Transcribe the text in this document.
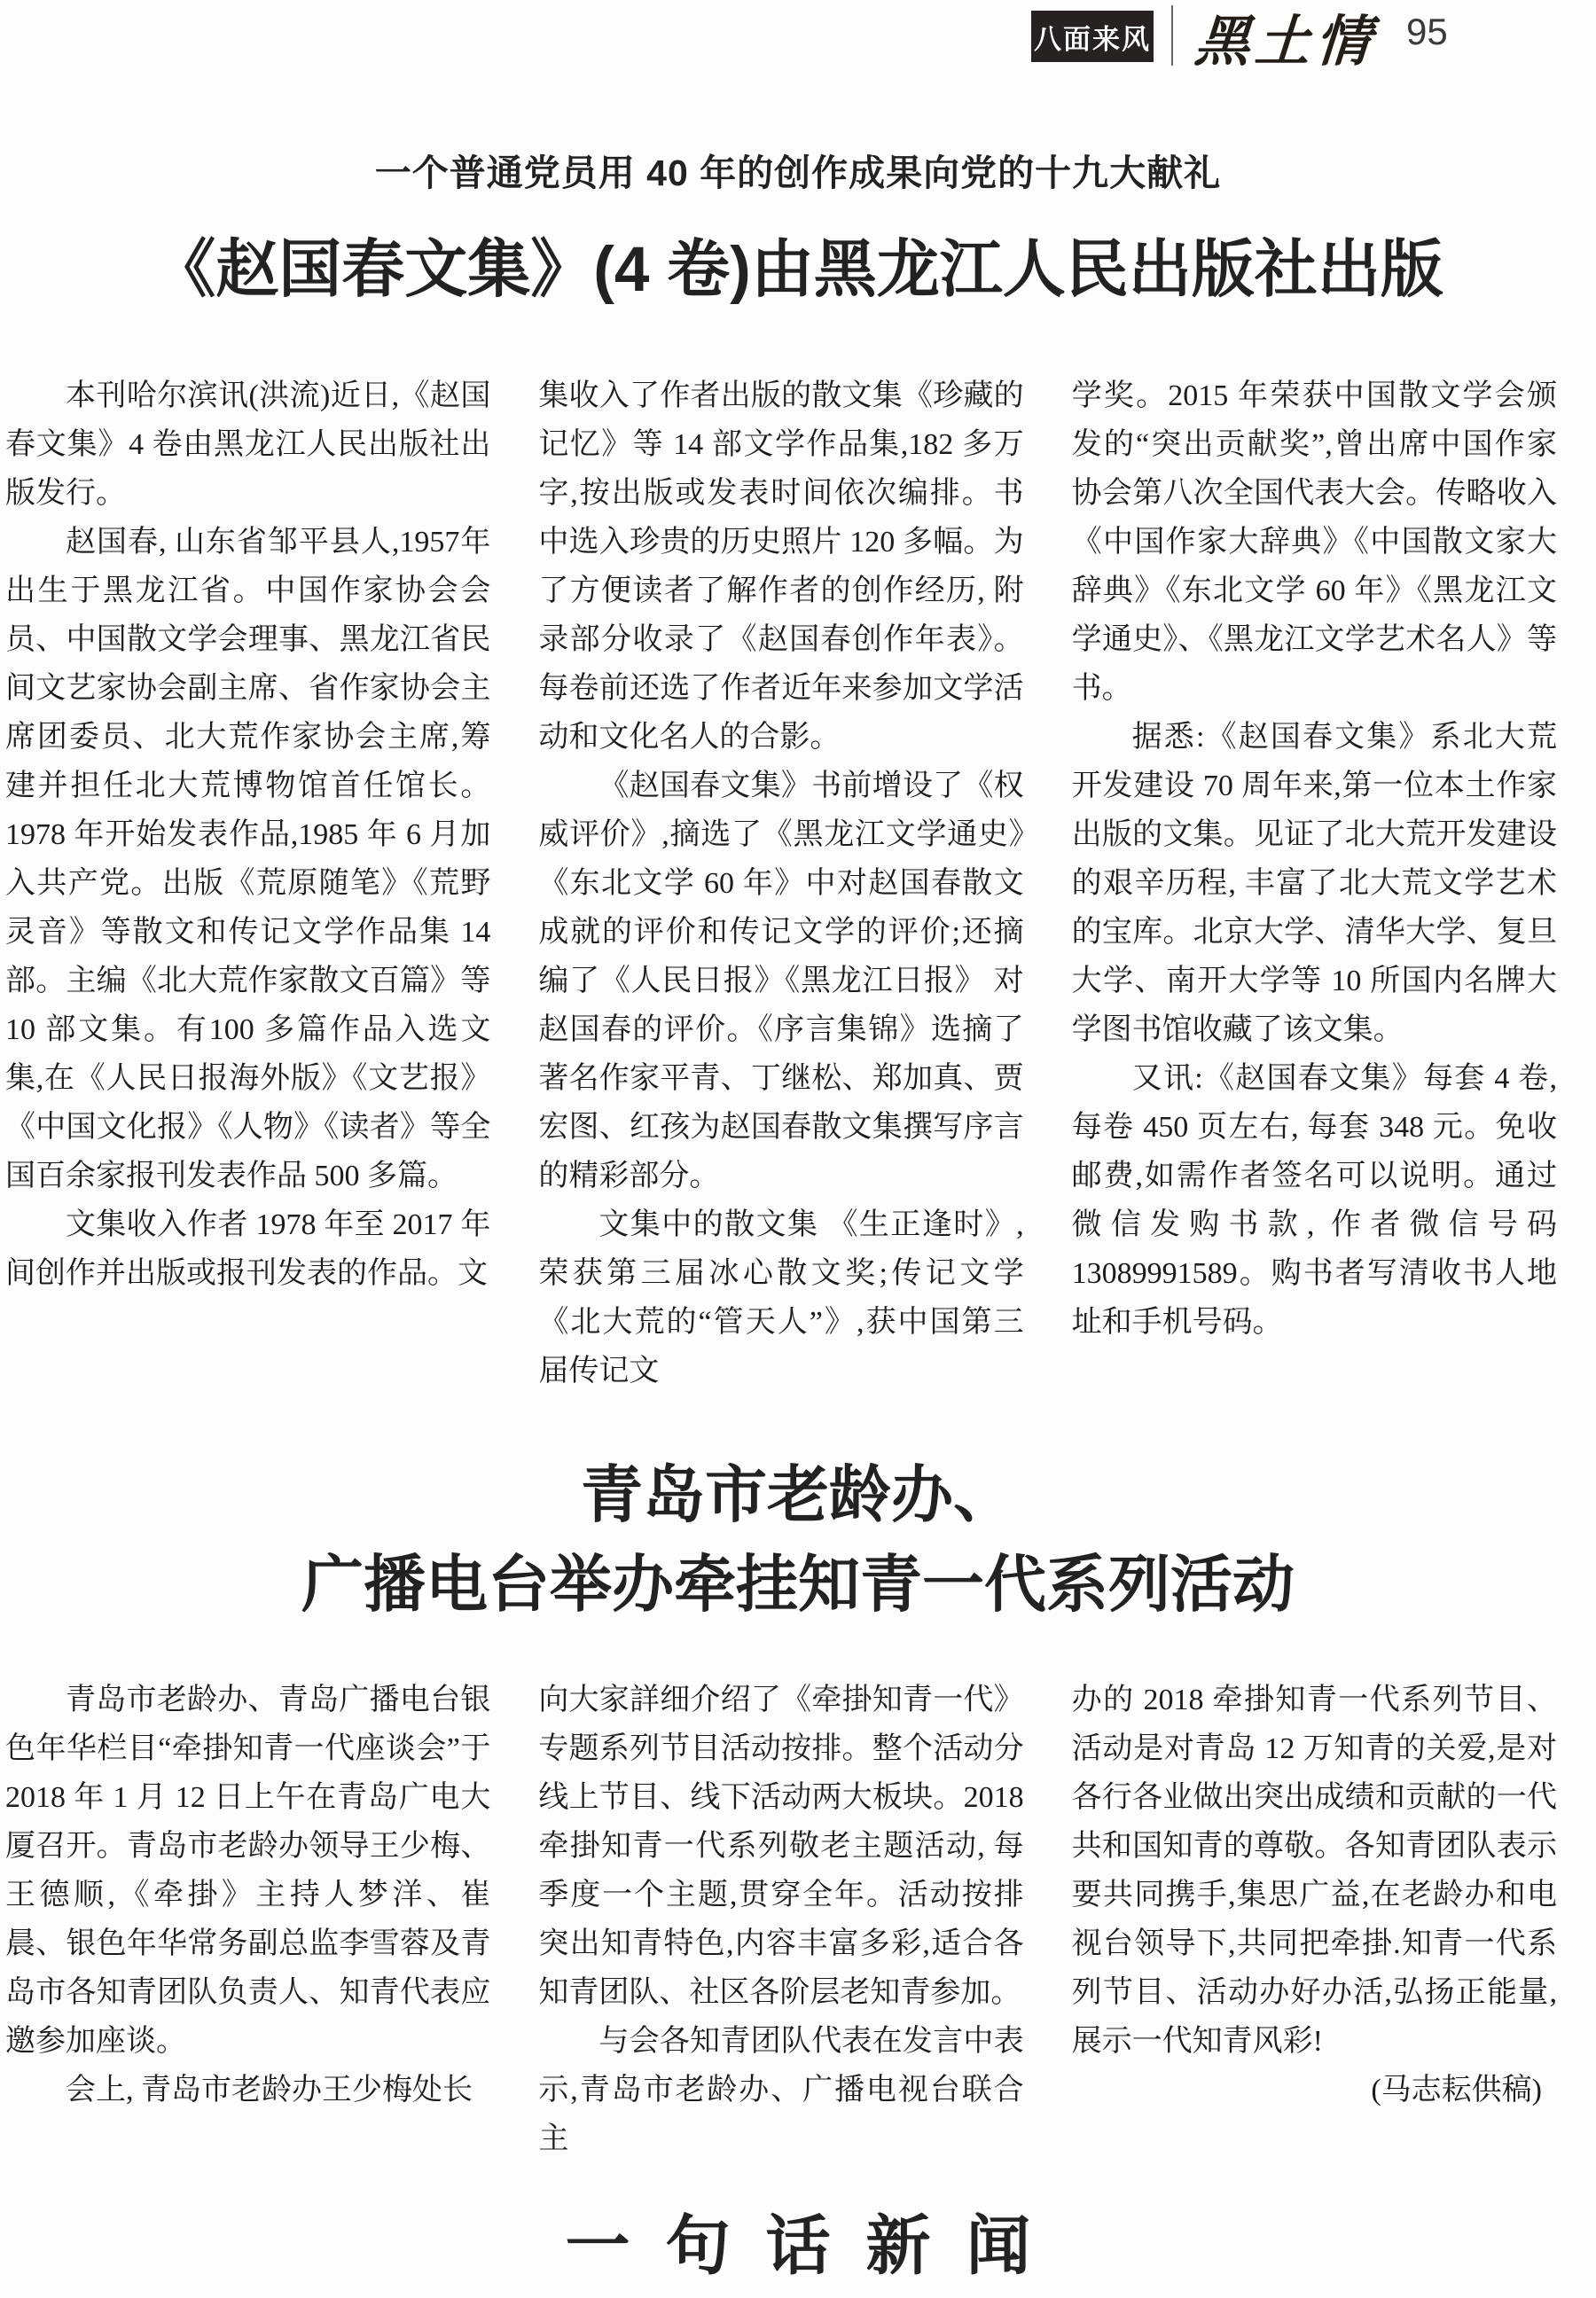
八面来风 黑土情 95
一个普通党员用 40 年的创作成果向党的十九大献礼
《赵国春文集》(4 卷)由黑龙江人民出版社出版

本刊哈尔滨讯(洪流)近日,《赵国春文集》4 卷由黑龙江人民出版社出版发行。

赵国春, 山东省邹平县人,1957年出生于黑龙江省。中国作家协会会员、中国散文学会理事、黑龙江省民间文艺家协会副主席、省作家协会主席团委员、北大荒作家协会主席,筹建并担任北大荒博物馆首任馆长。1978 年开始发表作品,1985 年 6 月加入共产党。出版《荒原随笔》《荒野灵音》等散文和传记文学作品集 14 部。主编《北大荒作家散文百篇》等 10 部文集。有100 多篇作品入选文集,在《人民日报海外版》《文艺报》《中国文化报》《人物》《读者》等全国百余家报刊发表作品 500 多篇。

文集收入作者 1978 年至 2017 年间创作并出版或报刊发表的作品。文

集收入了作者出版的散文集《珍藏的记忆》等 14 部文学作品集,182 多万字,按出版或发表时间依次编排。书中选入珍贵的历史照片 120 多幅。为了方便读者了解作者的创作经历, 附录部分收录了《赵国春创作年表》。每卷前还选了作者近年来参加文学活动和文化名人的合影。

《赵国春文集》书前增设了《权威评价》,摘选了《黑龙江文学通史》《东北文学 60 年》中对赵国春散文成就的评价和传记文学的评价;还摘编了《人民日报》《黑龙江日报》 对赵国春的评价。《序言集锦》选摘了著名作家平青、丁继松、郑加真、贾宏图、红孩为赵国春散文集撰写序言的精彩部分。

文集中的散文集 《生正逢时》,荣获第三届冰心散文奖;传记文学《北大荒的“管天人”》,获中国第三届传记文

学奖。2015 年荣获中国散文学会颁发的“突出贡献奖”,曾出席中国作家协会第八次全国代表大会。传略收入《中国作家大辞典》《中国散文家大辞典》《东北文学 60 年》《黑龙江文学通史》、《黑龙江文学艺术名人》等书。

据悉:《赵国春文集》系北大荒开发建设 70 周年来,第一位本土作家出版的文集。见证了北大荒开发建设的艰辛历程, 丰富了北大荒文学艺术的宝库。北京大学、清华大学、复旦大学、南开大学等 10 所国内名牌大学图书馆收藏了该文集。

又讯:《赵国春文集》每套 4 卷,每卷 450 页左右, 每套 348 元。免收邮费,如需作者签名可以说明。通过微信发购书款, 作者微信号码13089991589。购书者写清收书人地址和手机号码。

青岛市老龄办、
广播电台举办牵挂知青一代系列活动

青岛市老龄办、青岛广播电台银色年华栏目“牵掛知青一代座谈会”于2018 年 1 月 12 日上午在青岛广电大厦召开。青岛市老龄办领导王少梅、王德顺,《牵掛》主持人梦洋、崔晨、银色年华常务副总监李雪蓉及青岛市各知青团队负责人、知青代表应邀参加座谈。

会上, 青岛市老龄办王少梅处长

向大家詳细介绍了《牵掛知青一代》专题系列节目活动按排。整个活动分线上节目、线下活动两大板块。2018 牵掛知青一代系列敬老主题活动, 每季度一个主题,贯穿全年。活动按排突出知青特色,内容丰富多彩,适合各知青团队、社区各阶层老知青参加。

与会各知青团队代表在发言中表示,青岛市老龄办、广播电视台联合主

办的 2018 牵掛知青一代系列节目、活动是对青岛 12 万知青的关爱,是对各行各业做出突出成绩和贡献的一代共和国知青的尊敬。各知青团队表示要共同携手,集思广益,在老龄办和电视台领导下,共同把牵掛.知青一代系列节目、活动办好办活,弘扬正能量,展示一代知青风彩!

(马志耘供稿)

一句话新闻
